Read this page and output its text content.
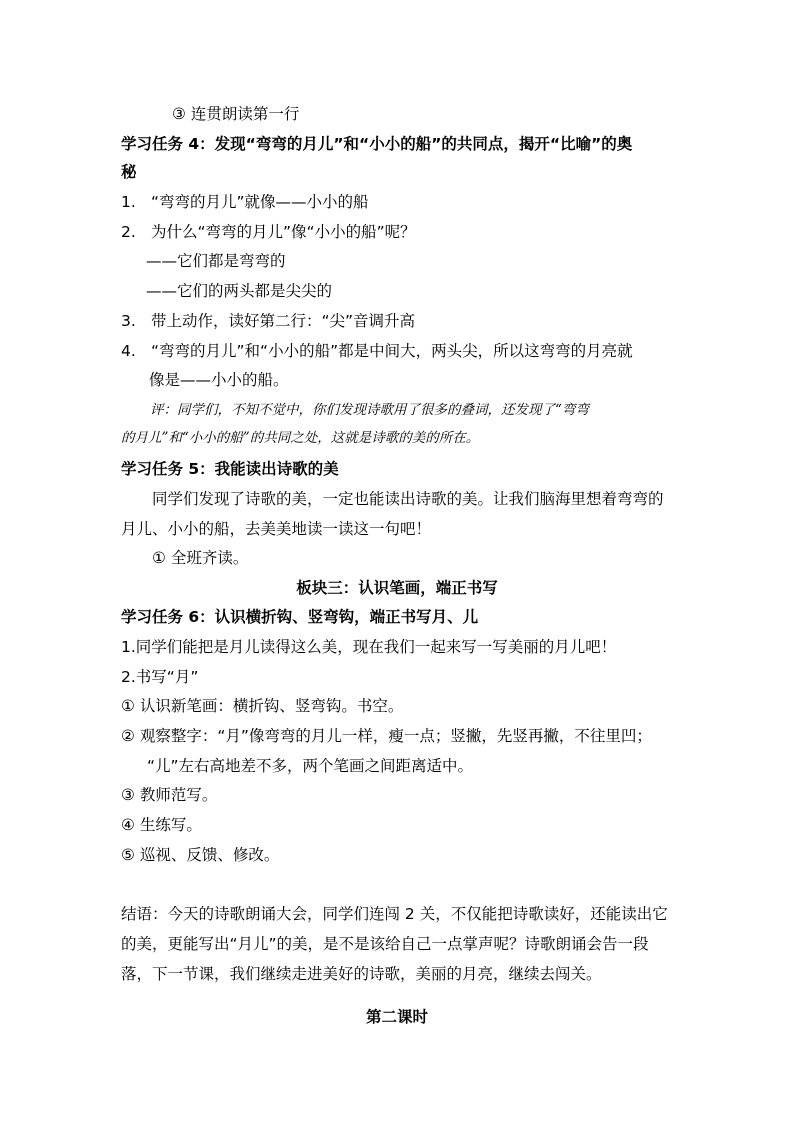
③ 连贯朗读第一行
学习任务 4：发现“弯弯的月儿”和“小小的船”的共同点，揭开“比喻”的奥
秘
1. “弯弯的月儿”就像——小小的船
2. 为什么“弯弯的月儿”像“小小的船”呢？
——它们都是弯弯的
——它们的两头都是尖尖的
3. 带上动作，读好第二行：“尖”音调升高
4. “弯弯的月儿”和“小小的船”都是中间大，两头尖，所以这弯弯的月亮就
像是——小小的船。
评：同学们，不知不觉中，你们发现诗歌用了很多的叠词，还发现了“弯弯
的月儿”和“小小的船”的共同之处，这就是诗歌的美的所在。
学习任务 5：我能读出诗歌的美
同学们发现了诗歌的美，一定也能读出诗歌的美。让我们脑海里想着弯弯的
月儿、小小的船，去美美地读一读这一句吧！
① 全班齐读。
板块三：认识笔画，端正书写
学习任务 6：认识横折钩、竖弯钩，端正书写月、儿
1.同学们能把是月儿读得这么美，现在我们一起来写一写美丽的月儿吧！
2.书写“月”
① 认识新笔画：横折钩、竖弯钩。书空。
② 观察整字：“月”像弯弯的月儿一样，瘦一点；竖撇，先竖再撇，不往里凹；
“儿”左右高地差不多，两个笔画之间距离适中。
③ 教师范写。
④ 生练写。
⑤ 巡视、反馈、修改。
结语：今天的诗歌朗诵大会，同学们连闯 2 关，不仅能把诗歌读好，还能读出它
的美，更能写出“月儿”的美，是不是该给自己一点掌声呢？诗歌朗诵会告一段
落，下一节课，我们继续走进美好的诗歌，美丽的月亮，继续去闯关。
第二课时
